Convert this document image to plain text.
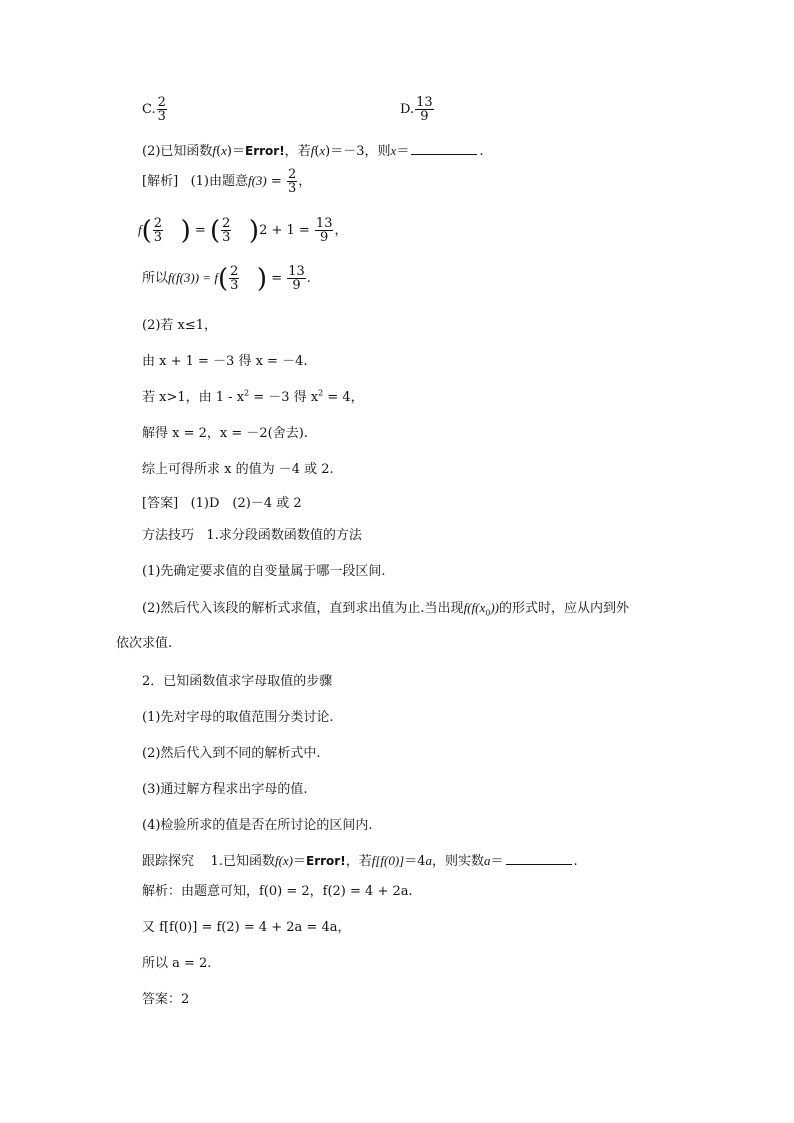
C. $\frac{2}{3}$	D. $\frac{13}{9}$
(2)已知函数f(x)＝Error!，若f(x)＝－3，则x＝	.
[解析] (1)由题意$f(3) = \frac{2}{3}$ ，
$f( \frac{2}{3}$ ) = ( $\frac{2}{3} )2 + 1 = \frac{13}{9}$ ，
所以$f(f(3)) = f( \frac{2}{3}$ ) = $\frac{13}{9}$ .
(2)若 x≤1，
由 x + 1 = －3 得 x = －4.
若 x>1，由 $1 - x^2 = -3$ 得 $x^2 = 4$，
解得 x = 2，x = －2(舍去).
综上可得所求 x 的值为 －4 或 2.
[答案] (1)D　(2)－4 或 2
方法技巧 1.求分段函数函数值的方法
(1)先确定要求值的自变量属于哪一段区间.
(2)然后代入该段的解析式求值，直到求出值为止.当出现$f(f(x_0))$的形式时，应从内到外
依次求值.
2．已知函数值求字母取值的步骤
(1)先对字母的取值范围分类讨论.
(2)然后代入到不同的解析式中.
(3)通过解方程求出字母的值.
(4)检验所求的值是否在所讨论的区间内.
跟踪探究 1.已知函数f(x)＝Error!，若f[f(0)]＝4a，则实数a＝	.
解析：由题意可知，f(0) = 2，f(2) = 4 + 2a.
又 f[f(0)] = f(2) = 4 + 2a = 4a，
所以 a = 2.
答案：2
